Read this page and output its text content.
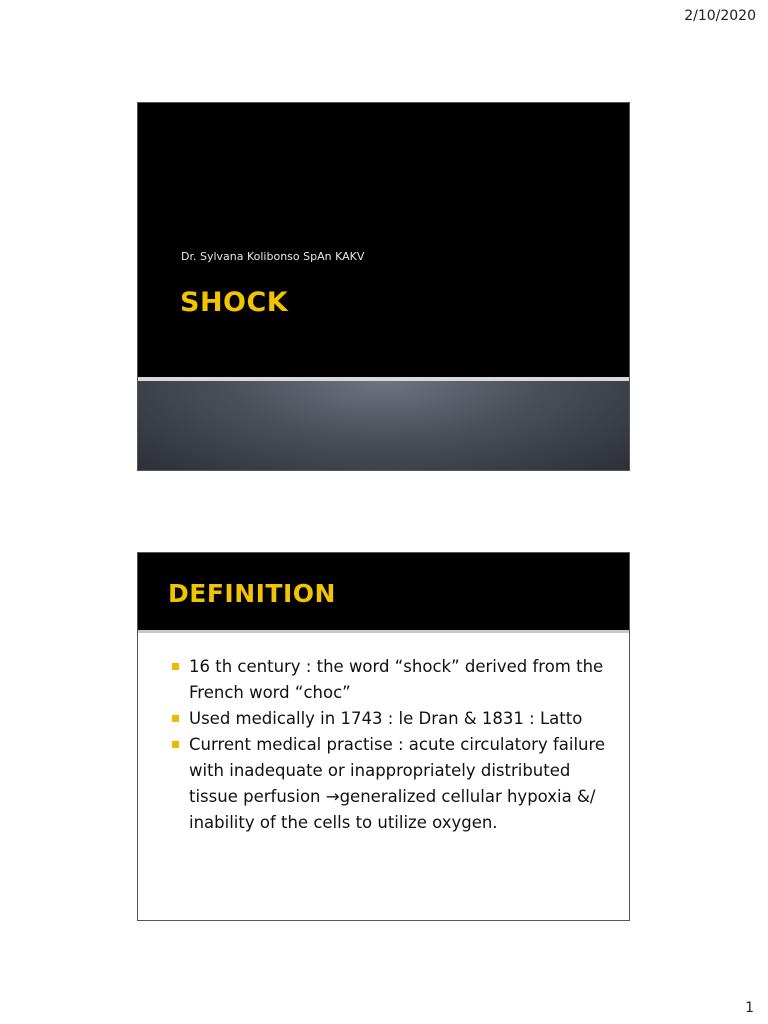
2/10/2020
Dr. Sylvana Kolibonso SpAn KAKV
SHOCK
DEFINITION
16 th century : the word “shock” derived from the French word “choc”
Used medically in 1743 : le Dran & 1831 : Latto
Current medical practise : acute circulatory failure with inadequate or inappropriately distributed tissue perfusion →generalized cellular hypoxia &/ inability of the cells to utilize oxygen.
1
